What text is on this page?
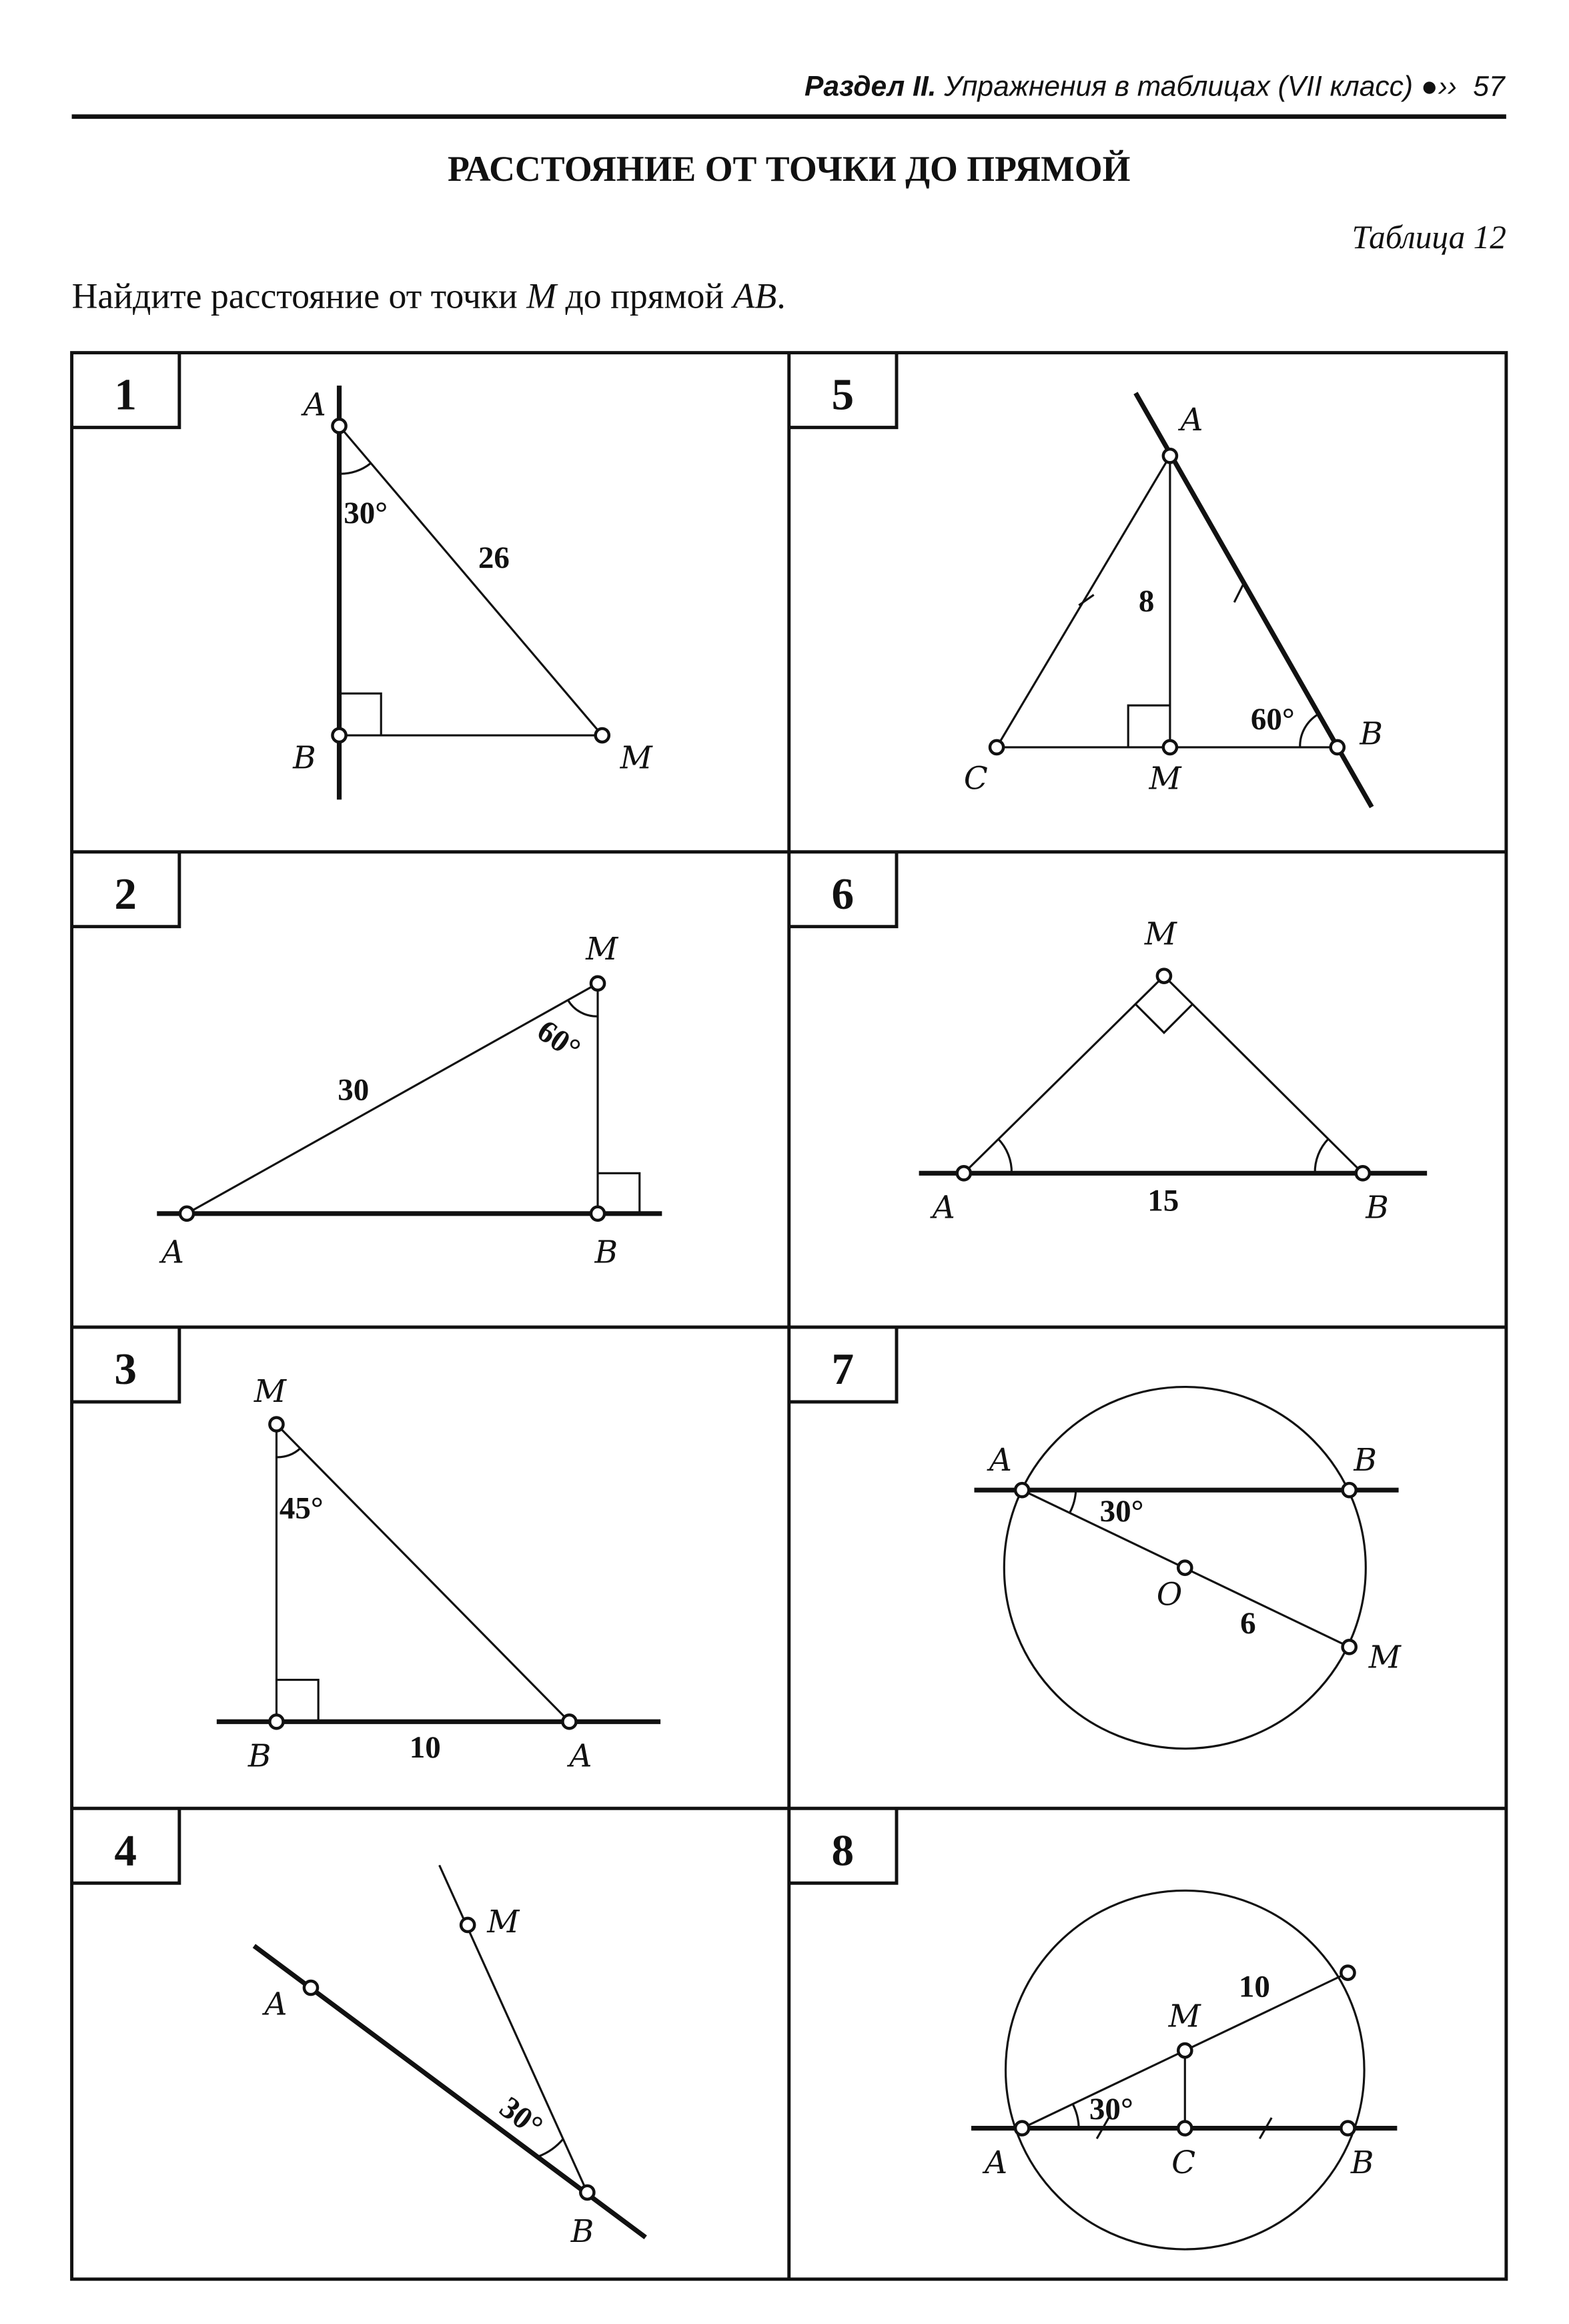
Раздел II. Упражнения в таблицах (VII класс) ●›› 57
РАССТОЯНИЕ ОТ ТОЧКИ ДО ПРЯМОЙ
Таблица 12
Найдите расстояние от точки M до прямой AB.
1
2
3
4
5
6
7
8
A
B	M
30°
26
M
A	B
30
60°
M
B	A
10
45°
M
A
B
30°
A
B
C	M
8
60°
M
A	B
15
A	B
O
M
6
30°
M
10
30°
A	C	B
